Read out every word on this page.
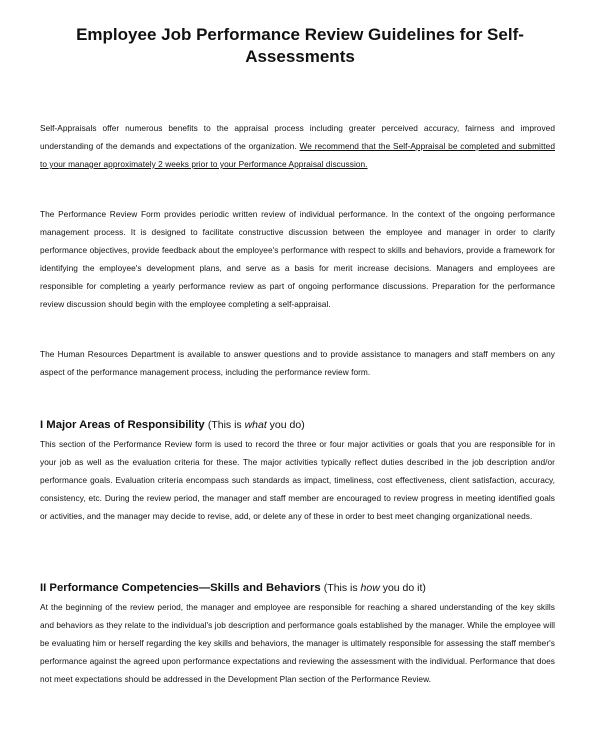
Employee Job Performance Review Guidelines for Self-Assessments

Self-Appraisals offer numerous benefits to the appraisal process including greater perceived accuracy, fairness and improved understanding of the demands and expectations of the organization. We recommend that the Self-Appraisal be completed and submitted to your manager approximately 2 weeks prior to your Performance Appraisal discussion.

The Performance Review Form provides periodic written review of individual performance. In the context of the ongoing performance management process. It is designed to facilitate constructive discussion between the employee and manager in order to clarify performance objectives, provide feedback about the employee's performance with respect to skills and behaviors, provide a framework for identifying the employee's development plans, and serve as a basis for merit increase decisions. Managers and employees are responsible for completing a yearly performance review as part of ongoing performance discussions. Preparation for the performance review discussion should begin with the employee completing a self-appraisal.

The Human Resources Department is available to answer questions and to provide assistance to managers and staff members on any aspect of the performance management process, including the performance review form.

I Major Areas of Responsibility (This is what you do)

This section of the Performance Review form is used to record the three or four major activities or goals that you are responsible for in your job as well as the evaluation criteria for these. The major activities typically reflect duties described in the job description and/or performance goals. Evaluation criteria encompass such standards as impact, timeliness, cost effectiveness, client satisfaction, accuracy, consistency, etc. During the review period, the manager and staff member are encouraged to review progress in meeting identified goals or activities, and the manager may decide to revise, add, or delete any of these in order to best meet changing organizational needs.

II Performance Competencies—Skills and Behaviors (This is how you do it)

At the beginning of the review period, the manager and employee are responsible for reaching a shared understanding of the key skills and behaviors as they relate to the individual's job description and performance goals established by the manager. While the employee will be evaluating him or herself regarding the key skills and behaviors, the manager is ultimately responsible for assessing the staff member's performance against the agreed upon performance expectations and reviewing the assessment with the individual. Performance that does not meet expectations should be addressed in the Development Plan section of the Performance Review.
